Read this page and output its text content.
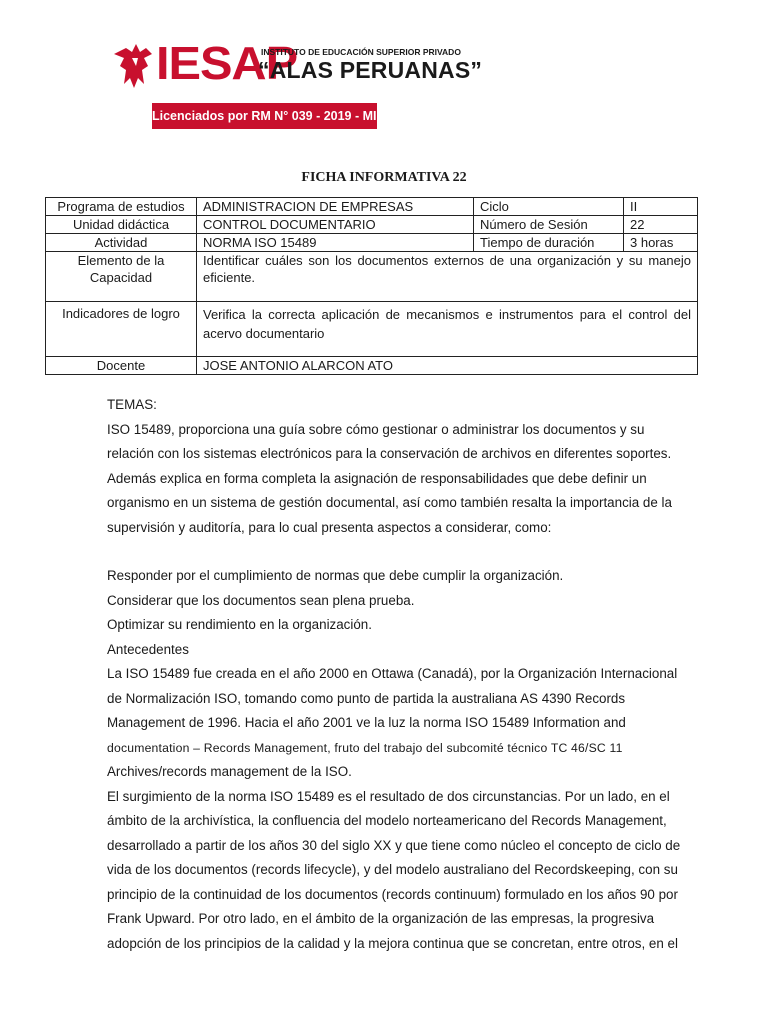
IESAP
INSTITUTO DE EDUCACIÓN SUPERIOR PRIVADO
“ALAS PERUANAS”
Licenciados por RM N° 039 - 2019 - MINEDU
FICHA INFORMATIVA 22
Programa de estudios	ADMINISTRACION DE EMPRESAS	Ciclo	II
Unidad didáctica	CONTROL DOCUMENTARIO	Número de Sesión	22
Actividad	NORMA ISO 15489	Tiempo de duración	3 horas

Elemento de la
Capacidad	Identificar cuáles son los documentos externos de una organización y su manejo eficiente.		
Indicadores de logro	Verifica la correcta aplicación de mecanismos e instrumentos para el control del acervo documentario		
Docente	JOSE ANTONIO ALARCON ATO		

TEMAS:

ISO 15489, proporciona una guía sobre cómo gestionar o administrar los documentos y su

relación con los sistemas electrónicos para la conservación de archivos en diferentes soportes.

Además explica en forma completa la asignación de responsabilidades que debe definir un

organismo en un sistema de gestión documental, así como también resalta la importancia de la

supervisión y auditoría, para lo cual presenta aspectos a considerar, como:

Responder por el cumplimiento de normas que debe cumplir la organización.

Considerar que los documentos sean plena prueba.

Optimizar su rendimiento en la organización.

Antecedentes

La ISO 15489 fue creada en el año 2000 en Ottawa (Canadá), por la Organización Internacional

de Normalización ISO, tomando como punto de partida la australiana AS 4390 Records

Management de 1996. Hacia el año 2001 ve la luz la norma ISO 15489 Information and

documentation – Records Management, fruto del trabajo del subcomité técnico TC 46/SC 11

Archives/records management de la ISO.

El surgimiento de la norma ISO 15489 es el resultado de dos circunstancias. Por un lado, en el

ámbito de la archivística, la confluencia del modelo norteamericano del Records Management,

desarrollado a partir de los años 30 del siglo XX y que tiene como núcleo el concepto de ciclo de

vida de los documentos (records lifecycle), y del modelo australiano del Recordskeeping, con su

principio de la continuidad de los documentos (records continuum) formulado en los años 90 por

Frank Upward. Por otro lado, en el ámbito de la organización de las empresas, la progresiva

adopción de los principios de la calidad y la mejora continua que se concretan, entre otros, en el
